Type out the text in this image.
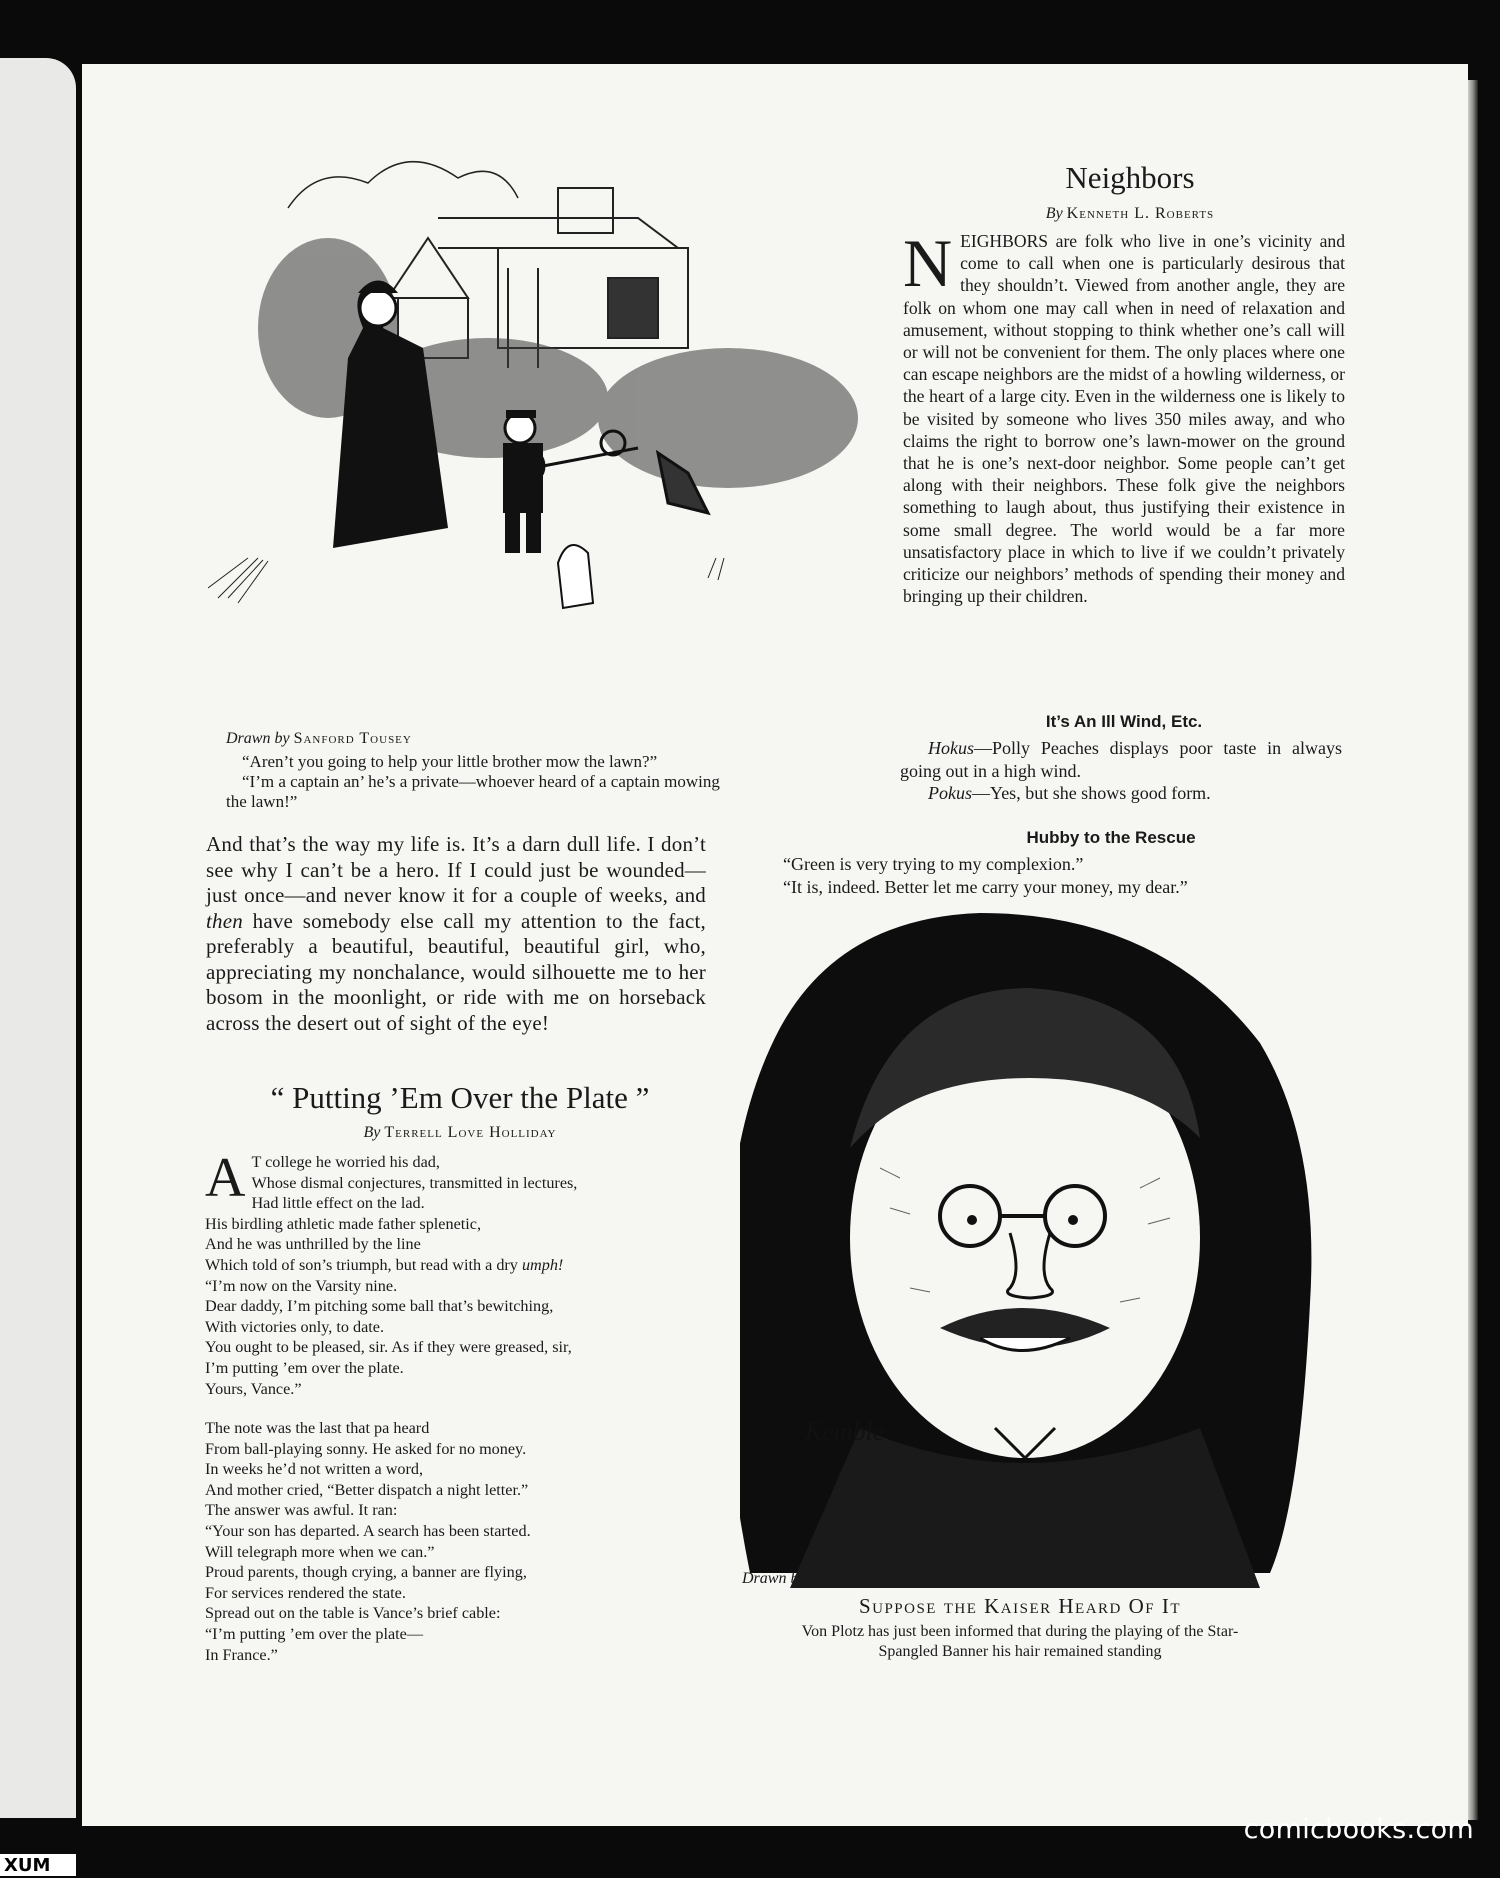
Drawn by Sanford Tousey
“Aren’t you going to help your little brother mow the lawn?”
“I’m a captain an’ he’s a private—whoever heard of a captain mowing
the lawn!”
Neighbors
By Kenneth L. Roberts
NEIGHBORS are folk who live in one’s vicinity and come to call when one is particularly desirous that they shouldn’t. Viewed from another angle, they are folk on whom one may call when in need of relaxation and amusement, without stopping to think whether one’s call will or will not be convenient for them. The only places where one can escape neighbors are the midst of a howling wilderness, or the heart of a large city. Even in the wilderness one is likely to be visited by someone who lives 350 miles away, and who claims the right to borrow one’s lawn-mower on the ground that he is one’s next-door neighbor. Some people can’t get along with their neighbors. These folk give the neighbors something to laugh about, thus justifying their existence in some small degree. The world would be a far more unsatisfactory place in which to live if we couldn’t privately criticize our neighbors’ methods of spending their money and bringing up their children.
It’s An Ill Wind, Etc.
Hokus—Polly Peaches displays poor taste in always going out in a high wind.
Pokus—Yes, but she shows good form.
Hubby to the Rescue
“Green is very trying to my complexion.”
“It is, indeed. Better let me carry your money, my dear.”
And that’s the way my life is. It’s a darn dull life. I don’t see why I can’t be a hero. If I could just be wounded—just once—and never know it for a couple of weeks, and then have somebody else call my attention to the fact, preferably a beautiful, beautiful, beautiful girl, who, appreciating my nonchalance, would silhouette me to her bosom in the moonlight, or ride with me on horseback across the desert out of sight of the eye!
“ Putting ’Em Over the Plate ”
By Terrell Love Holliday
A T college he worried his dad,
Whose dismal conjectures, transmitted in lectures,
Had little effect on the lad.
His birdling athletic made father splenetic,
And he was unthrilled by the line
Which told of son’s triumph, but read with a dry umph!
“I’m now on the Varsity nine.
Dear daddy, I’m pitching some ball that’s bewitching,
With victories only, to date.
You ought to be pleased, sir. As if they were greased, sir,
I’m putting ’em over the plate.
Yours, Vance.”
The note was the last that pa heard
From ball-playing sonny. He asked for no money.
In weeks he’d not written a word,
And mother cried, “Better dispatch a night letter.”
The answer was awful. It ran:
“Your son has departed. A search has been started.
Will telegraph more when we can.”
Proud parents, though crying, a banner are flying,
For services rendered the state.
Spread out on the table is Vance’s brief cable:
“I’m putting ’em over the plate—
In France.”
Kemble
Drawn by E. W. Kemble
Suppose the Kaiser Heard Of It
Von Plotz has just been informed that during the playing of the Star-
Spangled Banner his hair remained standing
comicbooks.com
XUM
